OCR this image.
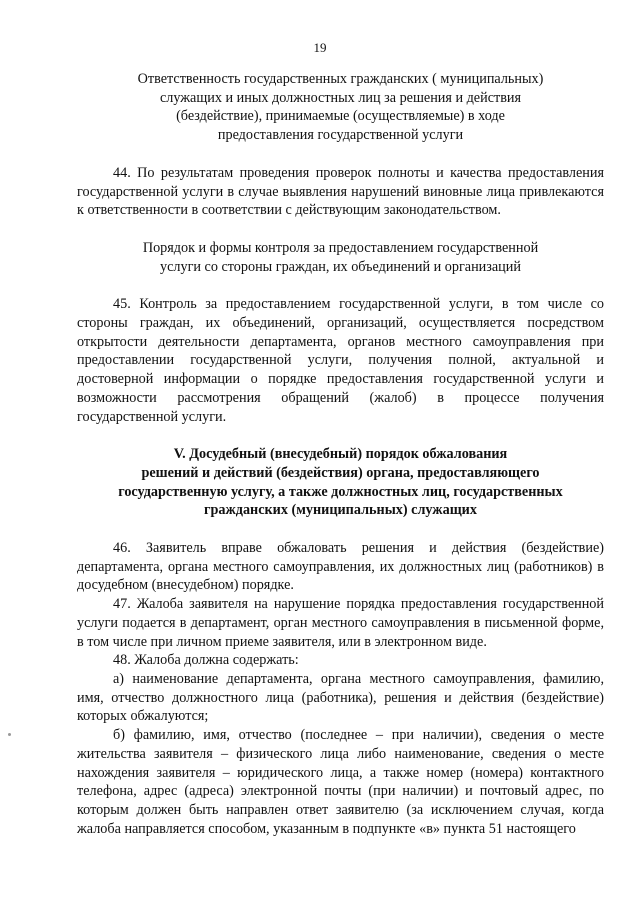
19

Ответственность государственных гражданских ( муниципальных)
служащих и иных должностных лиц за решения и действия
(бездействие), принимаемые (осуществляемые) в ходе
предоставления государственной услуги

44. По результатам проведения проверок полноты и качества предоставления государственной услуги в случае выявления нарушений виновные лица привлекаются к ответственности в соответствии с действующим законодательством.

Порядок и формы контроля за предоставлением государственной
услуги со стороны граждан, их объединений и организаций

45. Контроль за предоставлением государственной услуги, в том числе со стороны граждан, их объединений, организаций, осуществляется посредством открытости деятельности департамента, органов местного самоуправления при предоставлении государственной услуги, получения полной, актуальной и достоверной информации о порядке предоставления государственной услуги и возможности рассмотрения обращений (жалоб) в процессе получения государственной услуги.

V. Досудебный (внесудебный) порядок обжалования
решений и действий (бездействия) органа, предоставляющего
государственную услугу, а также должностных лиц, государственных
гражданских (муниципальных) служащих

46. Заявитель вправе обжаловать решения и действия (бездействие) департамента, органа местного самоуправления, их должностных лиц (работников) в досудебном (внесудебном) порядке.

47. Жалоба заявителя на нарушение порядка предоставления государственной услуги подается в департамент, орган местного самоуправления в письменной форме, в том числе при личном приеме заявителя, или в электронном виде.

48. Жалоба должна содержать:

а) наименование департамента, органа местного самоуправления, фамилию, имя, отчество должностного лица (работника), решения и действия (бездействие) которых обжалуются;

б) фамилию, имя, отчество (последнее – при наличии), сведения о месте жительства заявителя – физического лица либо наименование, сведения о месте нахождения заявителя – юридического лица, а также номер (номера) контактного телефона, адрес (адреса) электронной почты (при наличии) и почтовый адрес, по которым должен быть направлен ответ заявителю (за исключением случая, когда жалоба направляется способом, указанным в подпункте «в» пункта 51 настоящего
